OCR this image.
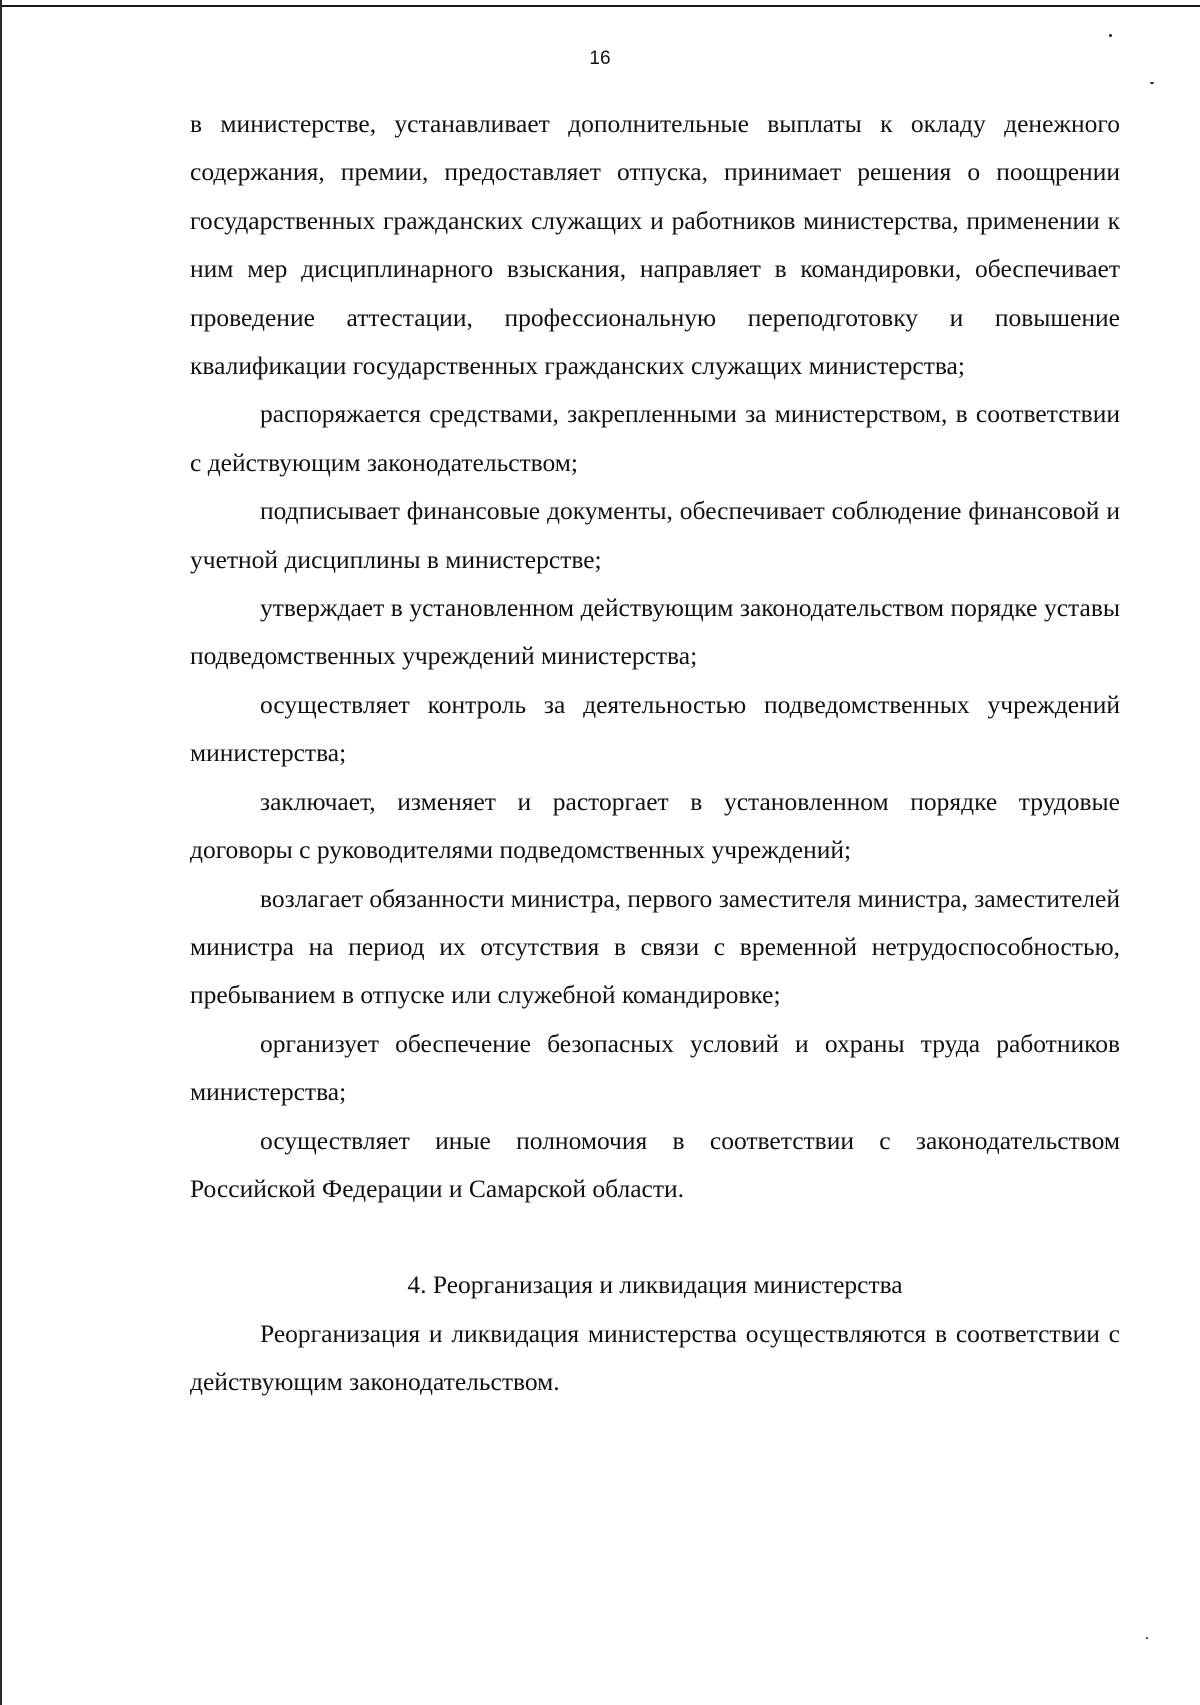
16

в министерстве, устанавливает дополнительные выплаты к окладу денежного содержания, премии, предоставляет отпуска, принимает решения о поощрении государственных гражданских служащих и работников министерства, применении к ним мер дисциплинарного взыскания, направляет в командировки, обеспечивает проведение аттестации, профессиональную переподготовку и повышение квалификации государственных гражданских служащих министерства;

распоряжается средствами, закрепленными за министерством, в соответствии с действующим законодательством;

подписывает финансовые документы, обеспечивает соблюдение финансовой и учетной дисциплины в министерстве;

утверждает в установленном действующим законодательством порядке уставы подведомственных учреждений министерства;

осуществляет контроль за деятельностью подведомственных учреждений министерства;

заключает, изменяет и расторгает в установленном порядке трудовые договоры с руководителями подведомственных учреждений;

возлагает обязанности министра, первого заместителя министра, заместителей министра на период их отсутствия в связи с временной нетрудоспособностью, пребыванием в отпуске или служебной командировке;

организует обеспечение безопасных условий и охраны труда работников министерства;

осуществляет иные полномочия в соответствии с законодательством Российской Федерации и Самарской области.

4. Реорганизация и ликвидация министерства

Реорганизация и ликвидация министерства осуществляются в соответствии с действующим законодательством.
